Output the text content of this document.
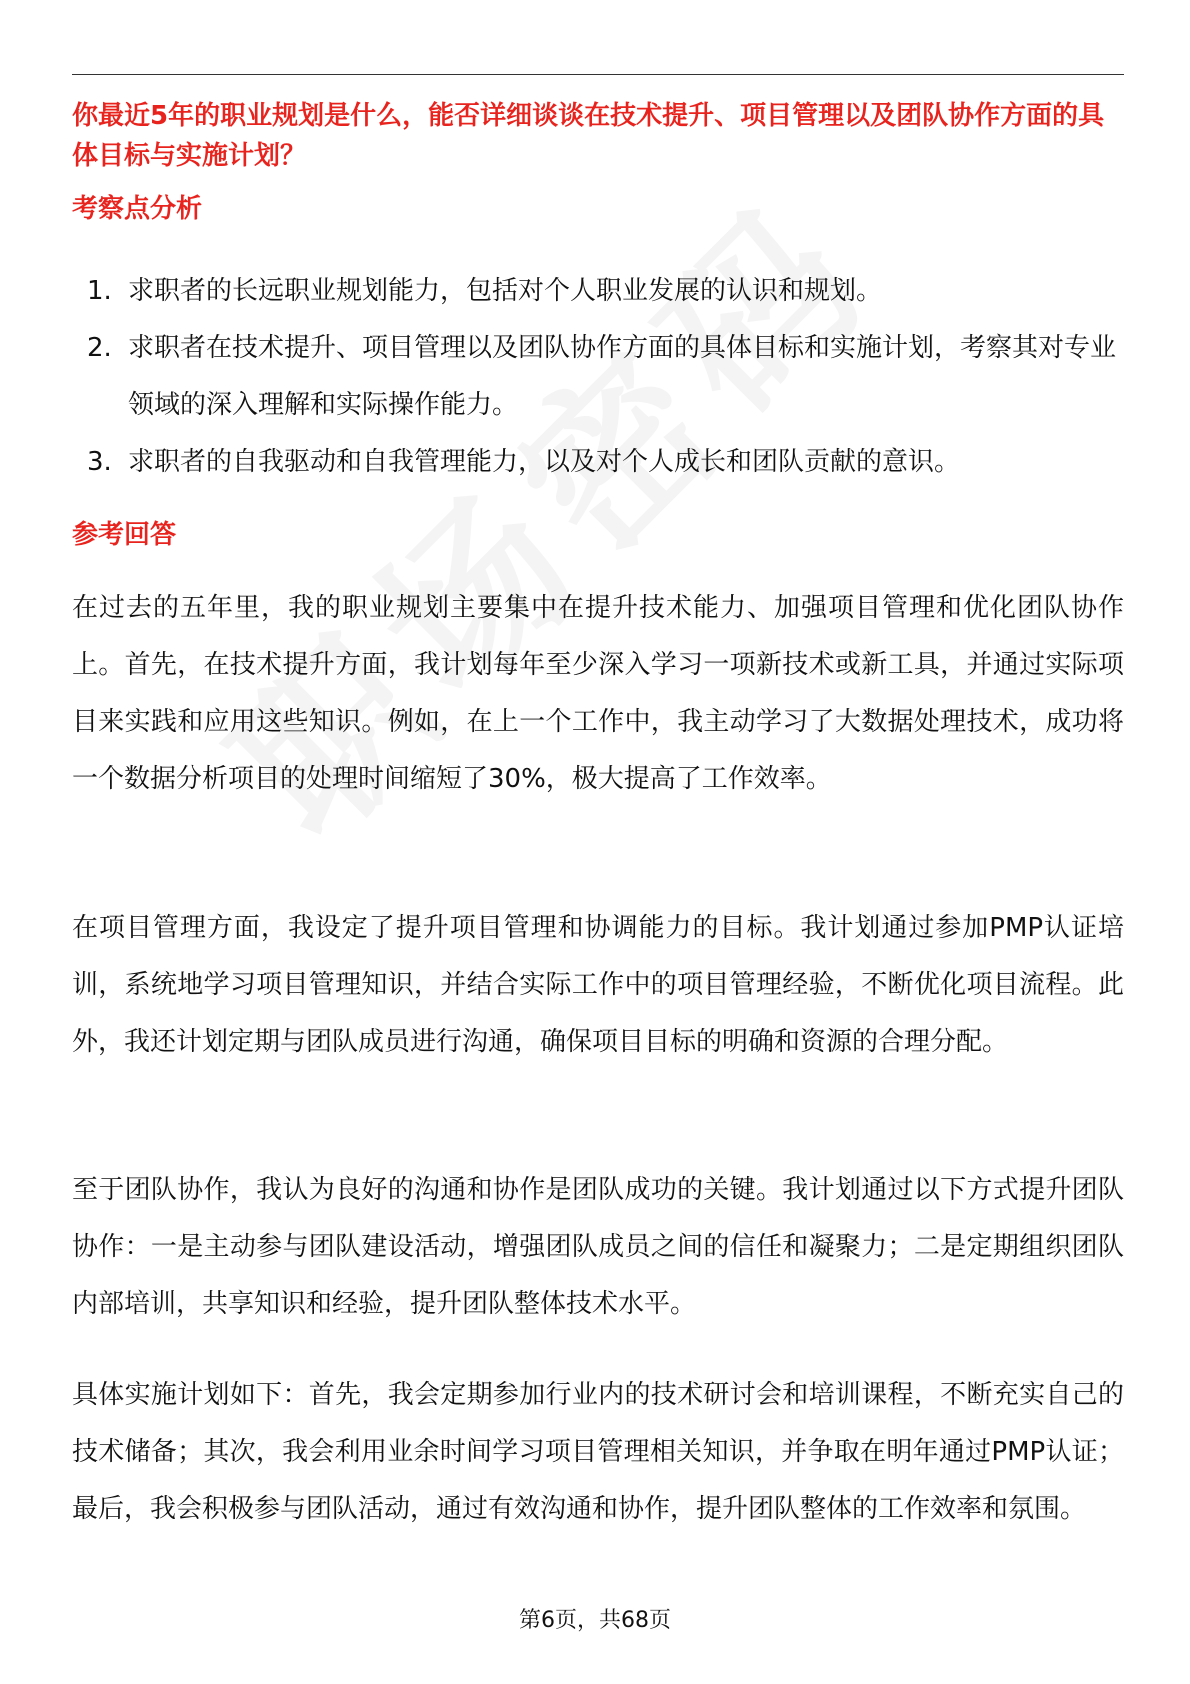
你最近5年的职业规划是什么，能否详细谈谈在技术提升、项目管理以及团队协作方面的具体目标与实施计划？
考察点分析
1. 求职者的长远职业规划能力，包括对个人职业发展的认识和规划。
2. 求职者在技术提升、项目管理以及团队协作方面的具体目标和实施计划，考察其对专业领域的深入理解和实际操作能力。
3. 求职者的自我驱动和自我管理能力，以及对个人成长和团队贡献的意识。
参考回答

在过去的五年里，我的职业规划主要集中在提升技术能力、加强项目管理和优化团队协作上。首先，在技术提升方面，我计划每年至少深入学习一项新技术或新工具，并通过实际项目来实践和应用这些知识。例如，在上一个工作中，我主动学习了大数据处理技术，成功将一个数据分析项目的处理时间缩短了30%，极大提高了工作效率。

在项目管理方面，我设定了提升项目管理和协调能力的目标。我计划通过参加PMP认证培训，系统地学习项目管理知识，并结合实际工作中的项目管理经验，不断优化项目流程。此外，我还计划定期与团队成员进行沟通，确保项目目标的明确和资源的合理分配。

至于团队协作，我认为良好的沟通和协作是团队成功的关键。我计划通过以下方式提升团队协作：一是主动参与团队建设活动，增强团队成员之间的信任和凝聚力；二是定期组织团队内部培训，共享知识和经验，提升团队整体技术水平。

具体实施计划如下：首先，我会定期参加行业内的技术研讨会和培训课程，不断充实自己的技术储备；其次，我会利用业余时间学习项目管理相关知识，并争取在明年通过PMP认证；最后，我会积极参与团队活动，通过有效沟通和协作，提升团队整体的工作效率和氛围。

第6页，共68页
